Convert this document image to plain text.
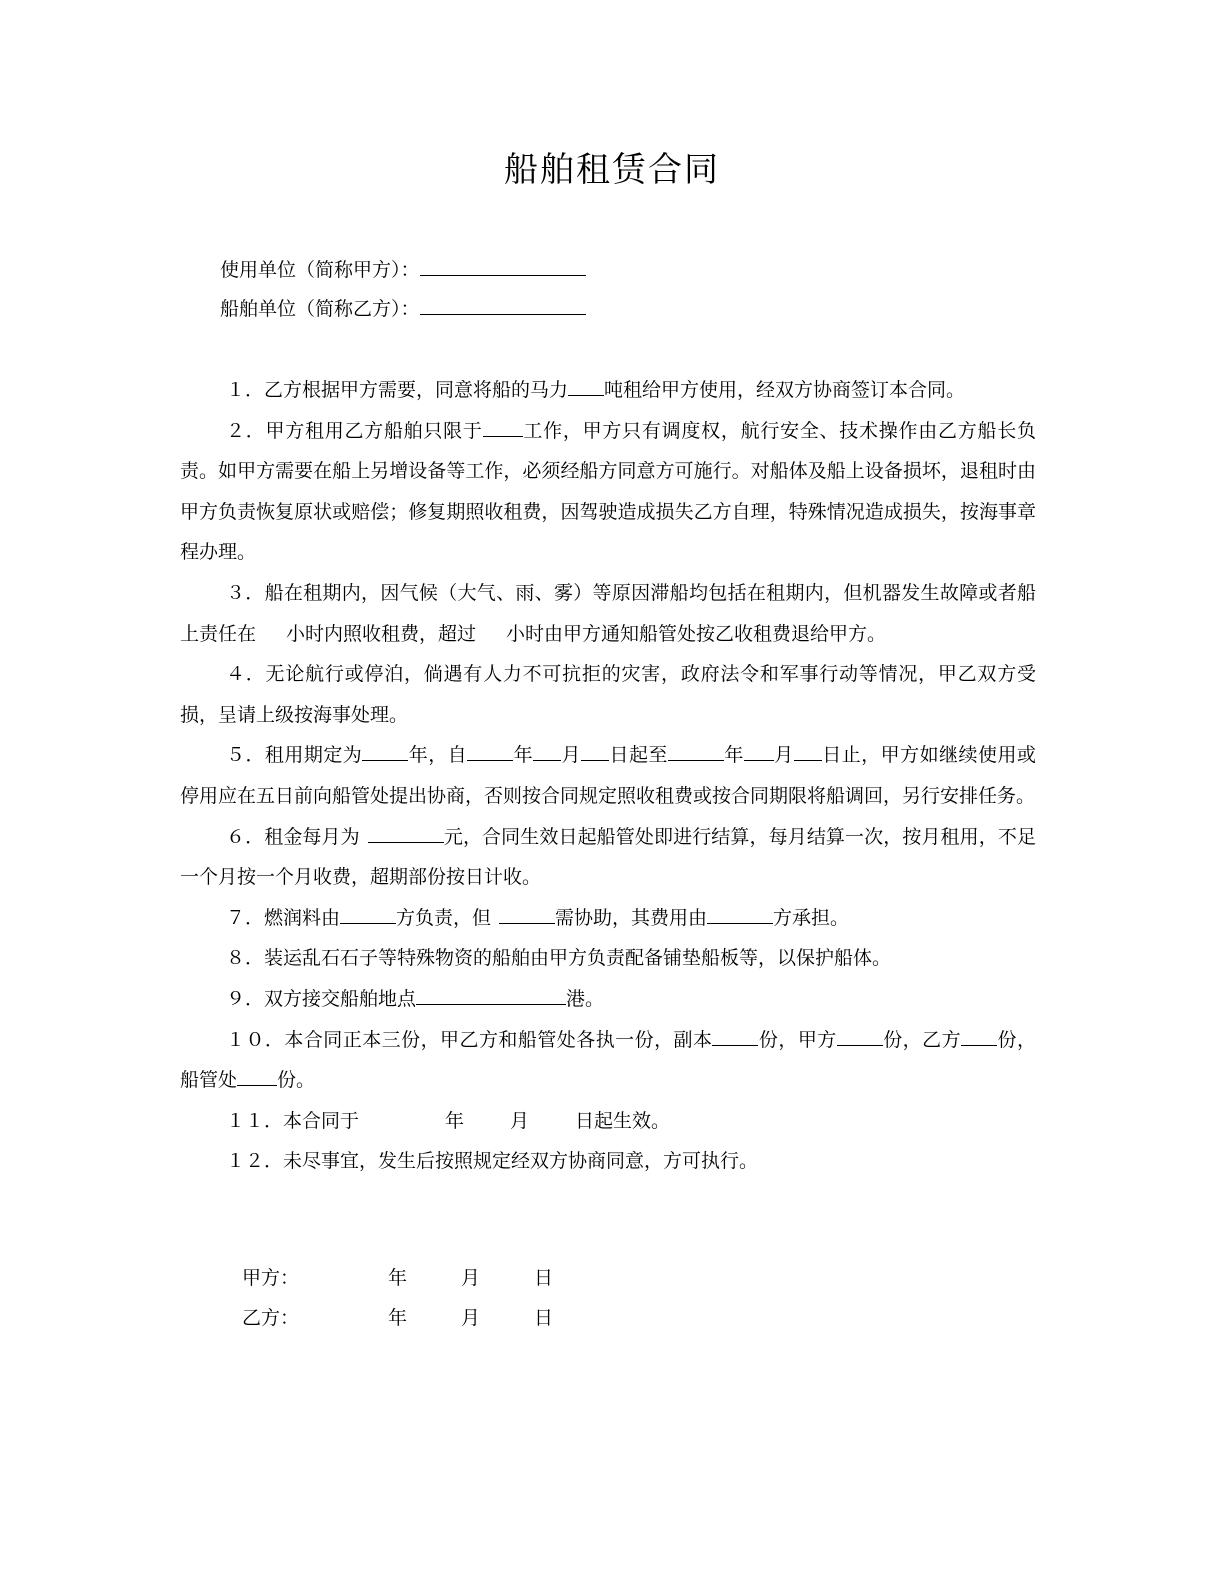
船舶租赁合同
使用单位（简称甲方）：
船舶单位（简称乙方）：

１．乙方根据甲方需要，同意将船的马力 吨租给甲方使用，经双方协商签订本合同。

２．甲方租用乙方船舶只限于 工作，甲方只有调度权，航行安全、技术操作由乙方船长负责。如甲方需要在船上另增设备等工作，必须经船方同意方可施行。对船体及船上设备损坏，退租时由甲方负责恢复原状或赔偿；修复期照收租费，因驾驶造成损失乙方自理，特殊情况造成损失，按海事章程办理。

３．船在租期内，因气候（大气、雨、雾）等原因滞船均包括在租期内，但机器发生故障或者船上责任在 小时内照收租费，超过 小时由甲方通知船管处按乙收租费退给甲方。

４．无论航行或停泊，倘遇有人力不可抗拒的灾害，政府法令和军事行动等情况，甲乙双方受损，呈请上级按海事处理。

５．租用期定为 年，自 年 月 日起至	年 月 日止，甲方如继续使用或停用应在五日前向船管处提出协商，否则按合同规定照收租费或按合同期限将船调回，另行安排任务。

６．租金每月为	元，合同生效日起船管处即进行结算，每月结算一次，按月租用，不足一个月按一个月收费，超期部份按日计收。

７．燃润料由	方负责，但	需协助，其费用由	方承担。

８．装运乱石石子等特殊物资的船舶由甲方负责配备铺垫船板等，以保护船体。

９．双方接交船舶地点	港。

１０．本合同正本三份，甲乙方和船管处各执一份，副本 份，甲方 份，乙方 份，船管处 份。

１１．本合同于	年 月 日起生效。

１２．未尽事宜，发生后按照规定经双方协商同意，方可执行。

甲方：	年	月	日
乙方：	年	月	日
